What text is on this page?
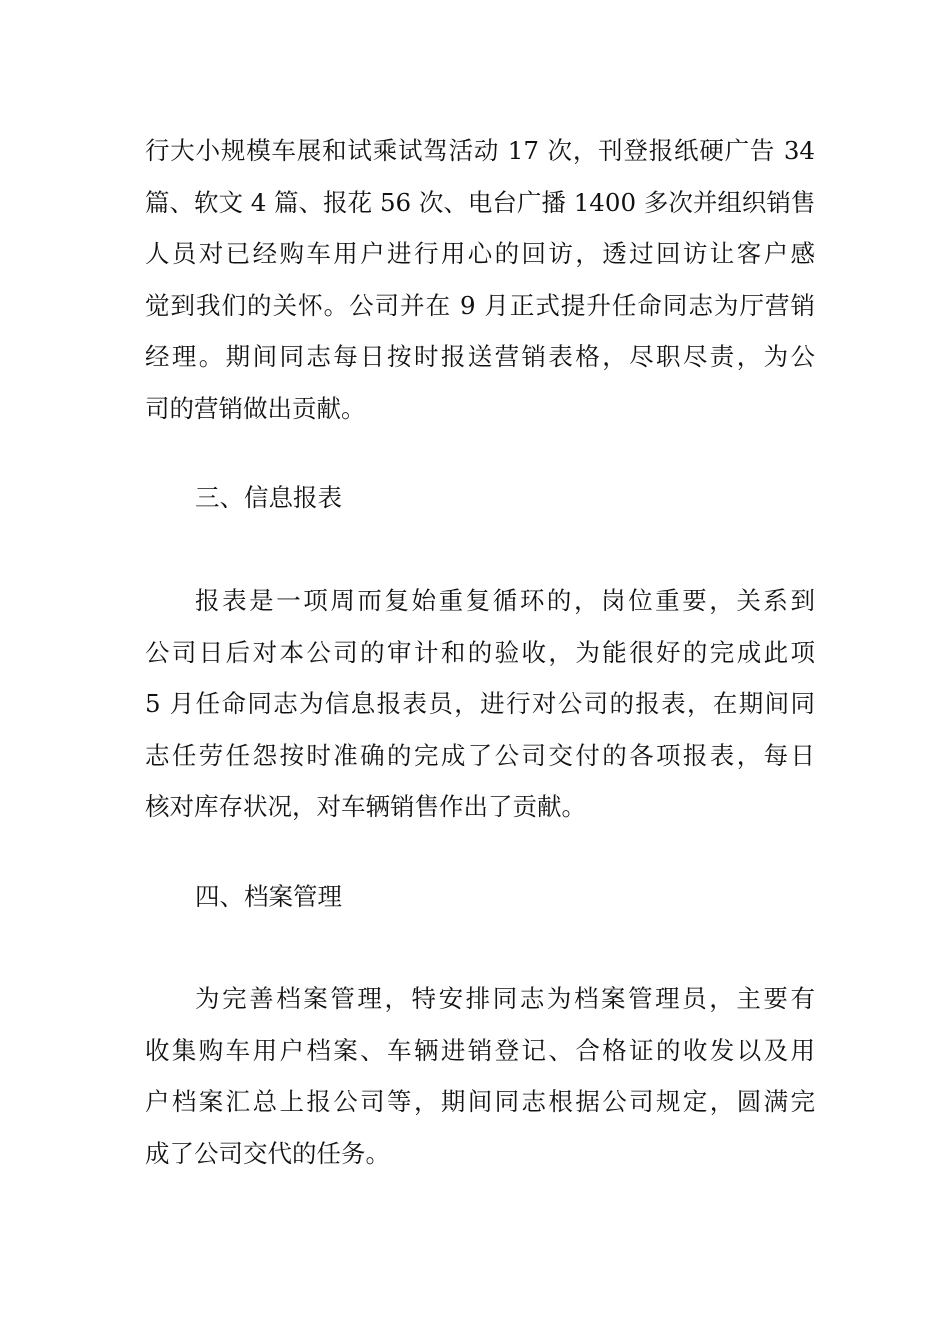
行大小规模车展和试乘试驾活动 17 次，刊登报纸硬广告 34
篇、软文 4 篇、报花 56 次、电台广播 1400 多次并组织销售
人员对已经购车用户进行用心的回访，透过回访让客户感
觉到我们的关怀。公司并在 9 月正式提升任命同志为厅营销
经理。期间同志每日按时报送营销表格，尽职尽责，为公
司的营销做出贡献。
三、信息报表
报表是一项周而复始重复循环的，岗位重要，关系到
公司日后对本公司的审计和的验收，为能很好的完成此项
5 月任命同志为信息报表员，进行对公司的报表，在期间同
志任劳任怨按时准确的完成了公司交付的各项报表，每日
核对库存状况，对车辆销售作出了贡献。
四、档案管理
为完善档案管理，特安排同志为档案管理员，主要有
收集购车用户档案、车辆进销登记、合格证的收发以及用
户档案汇总上报公司等，期间同志根据公司规定，圆满完
成了公司交代的任务。
